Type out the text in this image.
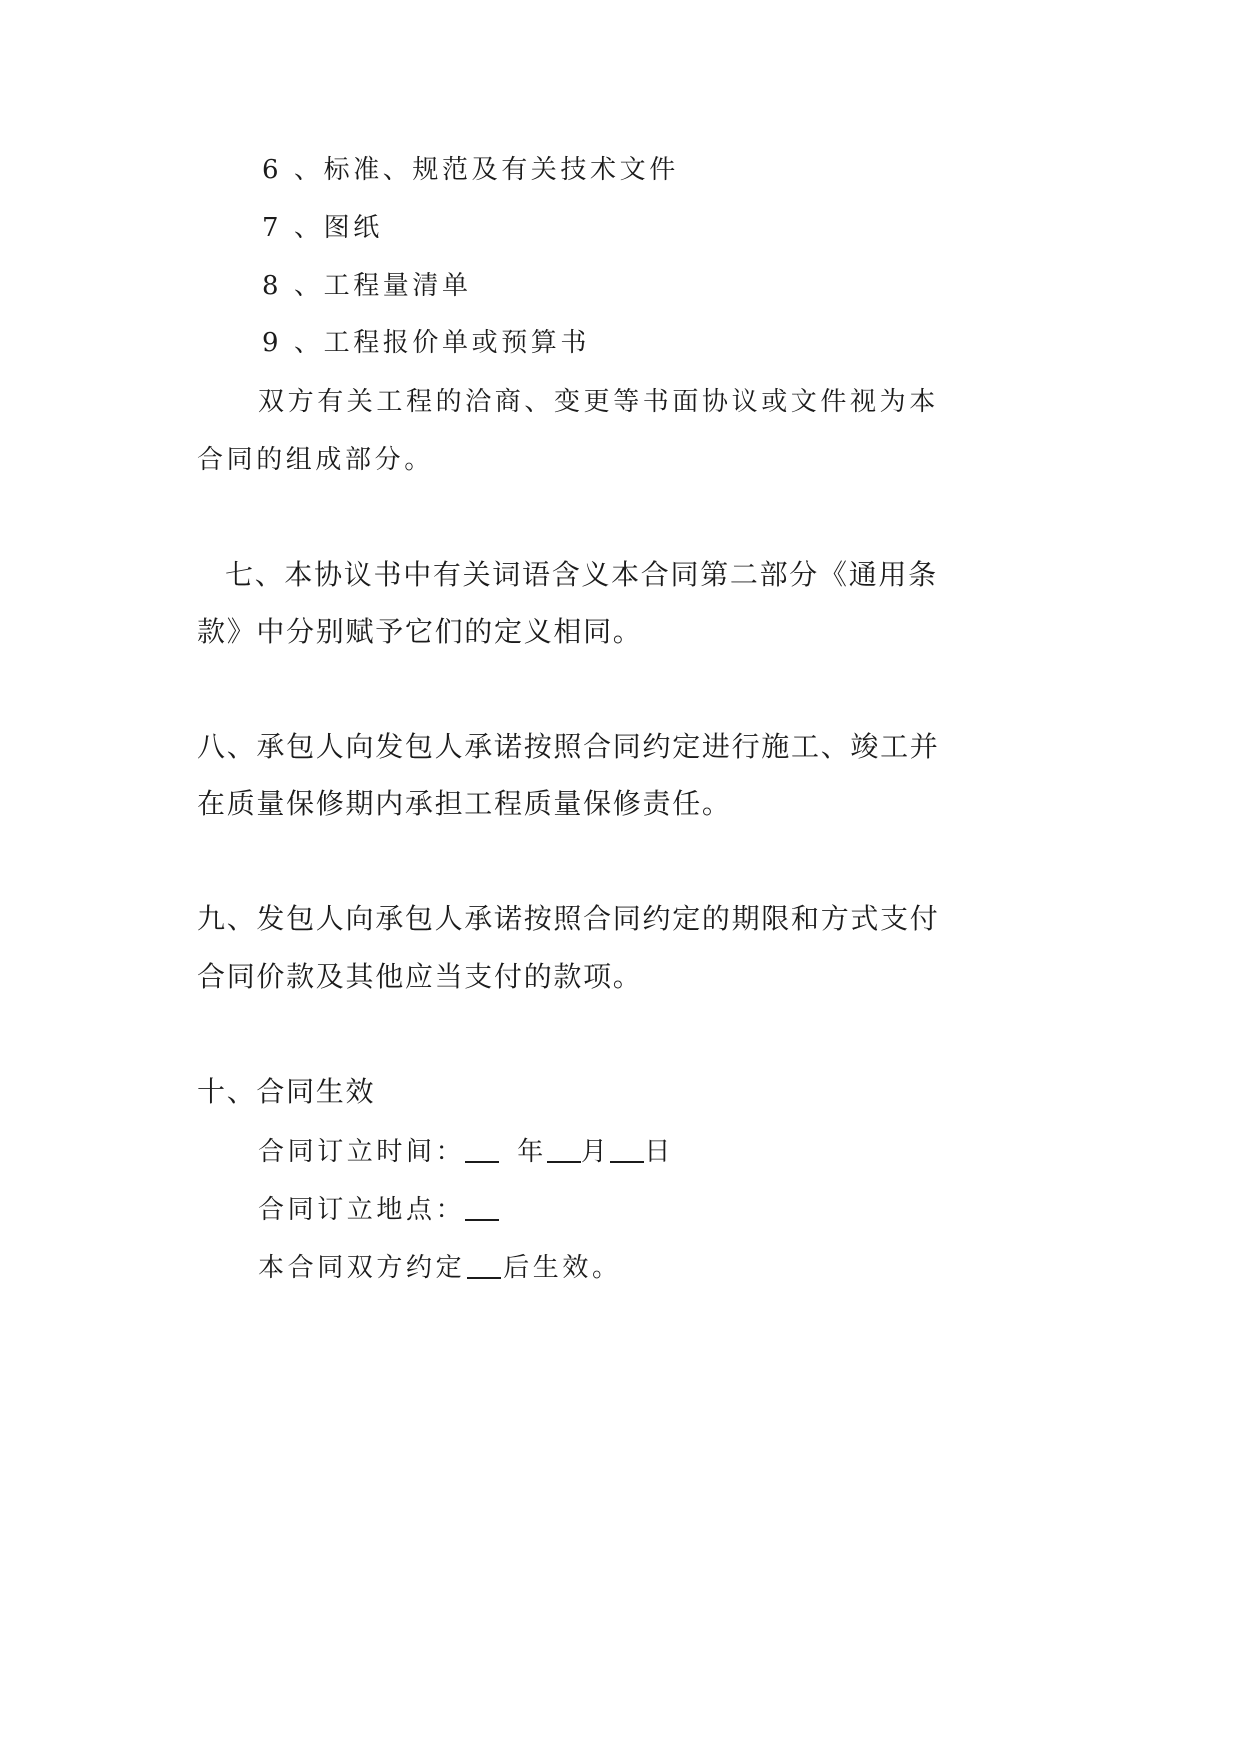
6 、标准、规范及有关技术文件
7 、图纸
8 、工程量清单
9 、工程报价单或预算书
双方有关工程的洽商、变更等书面协议或文件视为本
合同的组成部分。
七、本协议书中有关词语含义本合同第二部分《通用条
款》中分别赋予它们的定义相同。
八、承包人向发包人承诺按照合同约定进行施工、竣工并
在质量保修期内承担工程质量保修责任。
九、发包人向承包人承诺按照合同约定的期限和方式支付
合同价款及其他应当支付的款项。
十、合同生效
合同订立时间： 年 月 日
合同订立地点：
本合同双方约定 后生效。
